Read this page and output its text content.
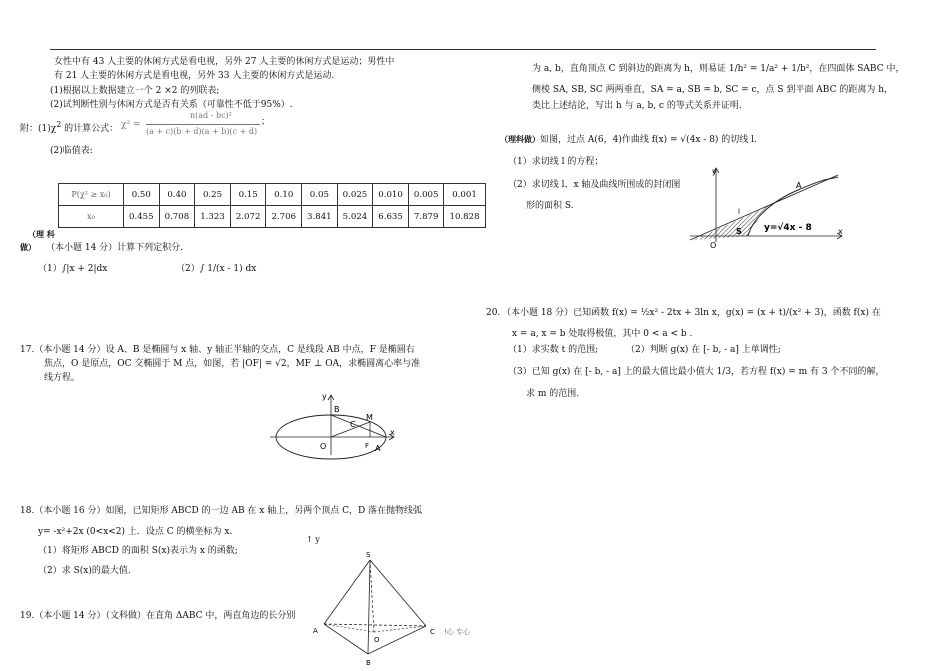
女性中有 43 人主要的休闲方式是看电视，另外 27 人主要的休闲方式是运动；男性中
有 21 人主要的休闲方式是看电视，另外 33 人主要的休闲方式是运动.
(1)根据以上数据建立一个 2 ×2 的列联表;
(2)试判断性别与休闲方式是否有关系（可靠性不低于95%）.
附：$(1)\chi^2$ 的计算公式： χ² =
n(ad - bc)²
(a + c)(b + d)(a + b)(c + d)
；
(2)临值表:
P(χ² ≥ x₀)	0.50	0.40	0.25	0.15	0.10	0.05	0.025	0.010	0.005	0.001
x₀	0.455	0.708	1.323	2.072	2.706	3.841	5.024	6.635	7.879	10.828
（理 科
做） （本小题 14 分）计算下列定积分.
（1）∫|x + 2|dx	（2）∫ 1/(x - 1) dx
17.（本小题 14 分）设 A、B 是椭圆与 x 轴、y 轴正半轴的交点，C 是线段 AB 中点，F 是椭圆右
焦点，O 是原点，OC 交椭圆于 M 点，如图，若 |OF| = √2，MF ⊥ OA，求椭圆离心率与准
线方程。
y
x
B
C
M
O	F A
18.（本小题 16 分）如图，已知矩形 ABCD 的一边 AB 在 x 轴上，另两个顶点 C，D 落在抛物线弧
y= -x²+2x (0<x<2) 上．设点 C 的横坐标为 x.
（1）将矩形 ABCD 的面积 S(x)表示为 x 的函数;
（2）求 S(x)的最大值.
↑ y
19.（本小题 14 分）（文科做）在直角 ΔABC 中，两直角边的长分别
S
A
B
C
O
!心 专心
为 a, b，直角顶点 C 到斜边的距离为 h，则易证 1/h² = 1/a² + 1/b²，在四面体 SABC 中，
侧棱 SA, SB, SC 两两垂直，SA = a, SB = b, SC = c，点 S 到平面 ABC 的距离为 h，
类比上述结论，写出 h 与 a, b, c 的等式关系并证明.
（理科做）如图，过点 A(6，4)作曲线 f(x) = √(4x - 8) 的切线 l.
（1）求切线 l 的方程；
（2）求切线 l、x 轴及曲线所围成的封闭图
形的面积 S.
y
x
O
A
S
l
y=√4x - 8
20．（本小题 18 分）已知函数 f(x) = ½x² - 2tx + 3ln x，g(x) = (x + t)/(x² + 3)，函数 f(x) 在
x = a, x = b 处取得极值，其中 0 < a < b .
（1）求实数 t 的范围;	（2）判断 g(x) 在 [- b, - a] 上单调性;
（3）已知 g(x) 在 [- b, - a] 上的最大值比最小值大 1/3，若方程 f(x) = m 有 3 个不同的解，
求 m 的范围.
